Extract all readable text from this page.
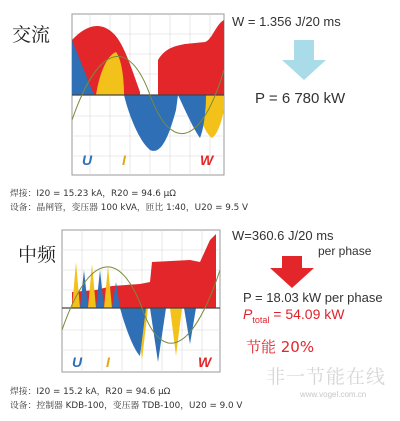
交流
U I	W
W = 1.356 J/20 ms
P = 6 780 kW
焊接：I20 = 15.23 kA，R20 = 94.6 μΩ
设备：晶闸管，变压器 100 kVA，匝比 1:40，U20 = 9.5 V
中频
U I	W
W=360.6 J/20 ms
per phase
P = 18.03 kW per phase
$P_{total} = 54.09$ kW
节能 20%
焊接：I20 = 15.2 kA，R20 = 94.6 μΩ
设备：控制器 KDB-100，变压器 TDB-100，U20 = 9.0 V
非一节能在线
www.vogel.com.cn
